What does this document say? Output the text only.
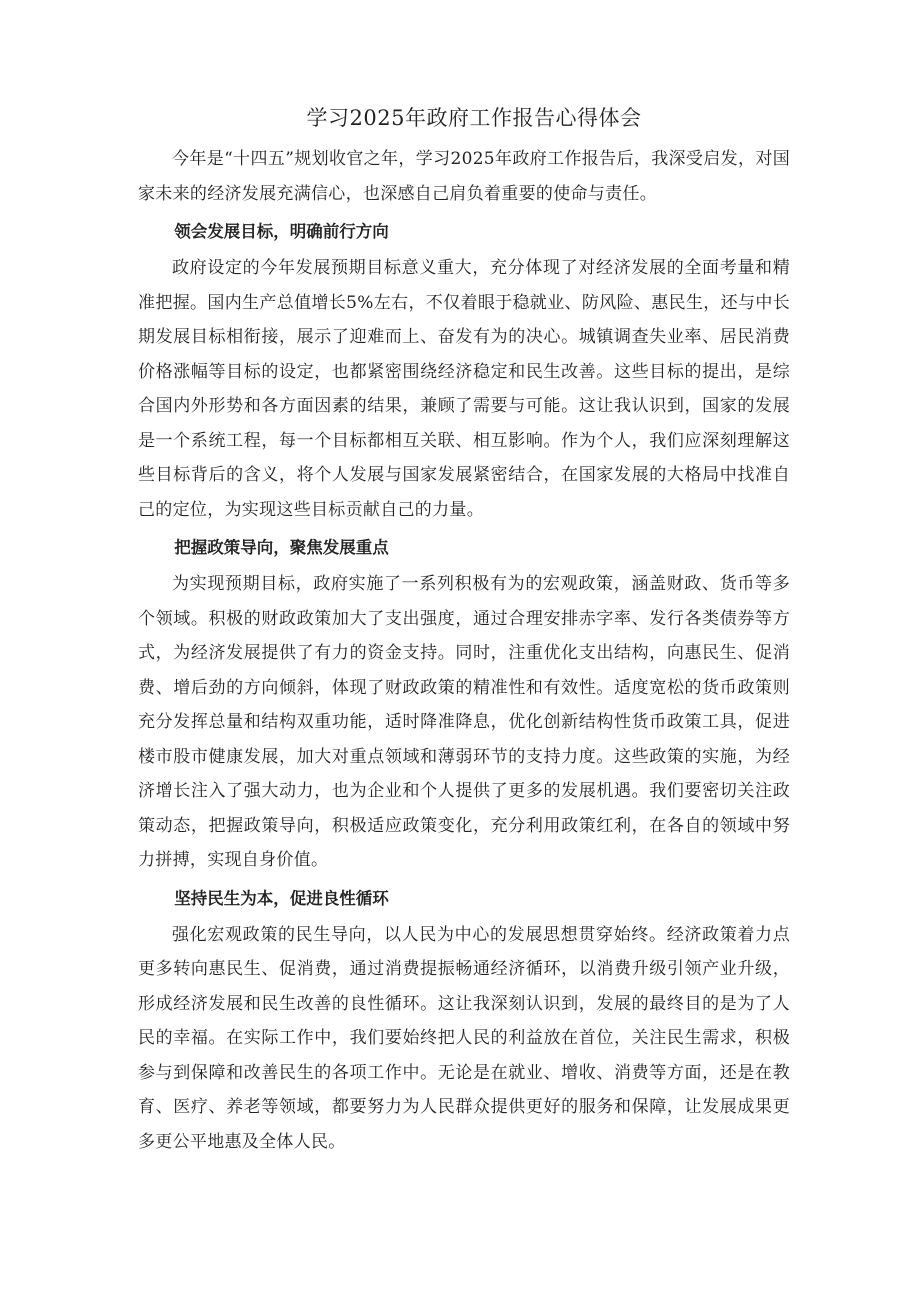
学习2025年政府工作报告心得体会

今年是“十四五”规划收官之年，学习2025年政府工作报告后，我深受启发，对国家未来的经济发展充满信心，也深感自己肩负着重要的使命与责任。

领会发展目标，明确前行方向

政府设定的今年发展预期目标意义重大，充分体现了对经济发展的全面考量和精准把握。国内生产总值增长5%左右，不仅着眼于稳就业、防风险、惠民生，还与中长期发展目标相衔接，展示了迎难而上、奋发有为的决心。城镇调查失业率、居民消费价格涨幅等目标的设定，也都紧密围绕经济稳定和民生改善。这些目标的提出，是综合国内外形势和各方面因素的结果，兼顾了需要与可能。这让我认识到，国家的发展是一个系统工程，每一个目标都相互关联、相互影响。作为个人，我们应深刻理解这些目标背后的含义，将个人发展与国家发展紧密结合，在国家发展的大格局中找准自己的定位，为实现这些目标贡献自己的力量。

把握政策导向，聚焦发展重点

为实现预期目标，政府实施了一系列积极有为的宏观政策，涵盖财政、货币等多个领域。积极的财政政策加大了支出强度，通过合理安排赤字率、发行各类债券等方式，为经济发展提供了有力的资金支持。同时，注重优化支出结构，向惠民生、促消费、增后劲的方向倾斜，体现了财政政策的精准性和有效性。适度宽松的货币政策则充分发挥总量和结构双重功能，适时降准降息，优化创新结构性货币政策工具，促进楼市股市健康发展，加大对重点领域和薄弱环节的支持力度。这些政策的实施，为经济增长注入了强大动力，也为企业和个人提供了更多的发展机遇。我们要密切关注政策动态，把握政策导向，积极适应政策变化，充分利用政策红利，在各自的领域中努力拼搏，实现自身价值。

坚持民生为本，促进良性循环

强化宏观政策的民生导向，以人民为中心的发展思想贯穿始终。经济政策着力点更多转向惠民生、促消费，通过消费提振畅通经济循环，以消费升级引领产业升级，形成经济发展和民生改善的良性循环。这让我深刻认识到，发展的最终目的是为了人民的幸福。在实际工作中，我们要始终把人民的利益放在首位，关注民生需求，积极参与到保障和改善民生的各项工作中。无论是在就业、增收、消费等方面，还是在教育、医疗、养老等领域，都要努力为人民群众提供更好的服务和保障，让发展成果更多更公平地惠及全体人民。
